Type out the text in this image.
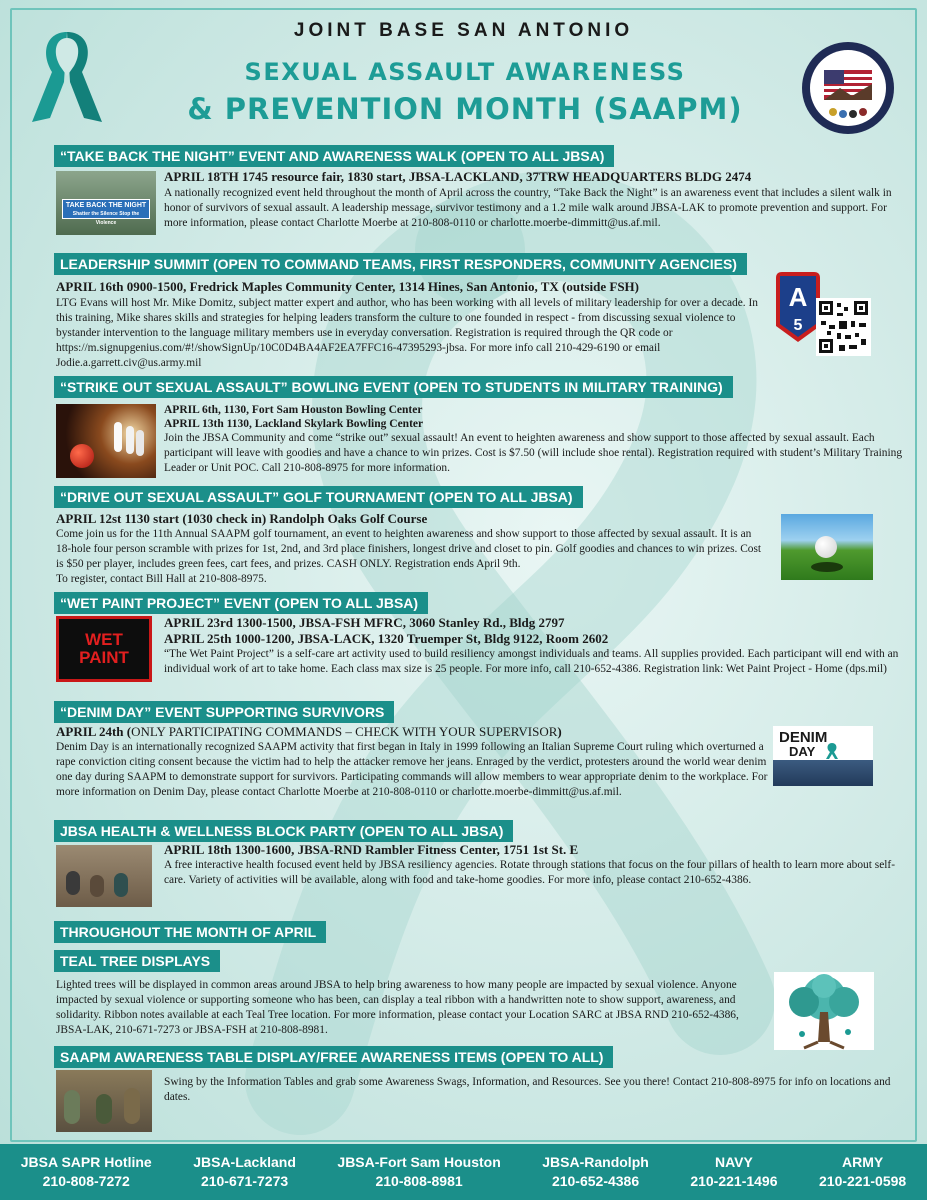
JOINT BASE SAN ANTONIO
SEXUAL ASSAULT AWARENESS
& PREVENTION MONTH (SAAPM)
“TAKE BACK THE NIGHT” EVENT AND AWARENESS WALK (OPEN TO ALL JBSA)
TAKE BACK THE NIGHT
Shatter the Silence Stop the Violence
APRIL 18TH 1745 resource fair, 1830 start, JBSA-LACKLAND, 37TRW HEADQUARTERS BLDG 2474
A nationally recognized event held throughout the month of April across the country, “Take Back the Night” is an awareness event that includes a silent walk in honor of survivors of sexual assault. A leadership message, survivor testimony and a 1.2 mile walk around JBSA-LAK to promote prevention and support. For more information, please contact Charlotte Moerbe at 210-808-0110 or charlotte.moerbe-dimmitt@us.af.mil.
LEADERSHIP SUMMIT (OPEN TO COMMAND TEAMS, FIRST RESPONDERS, COMMUNITY AGENCIES)
APRIL 16th 0900-1500, Fredrick Maples Community Center, 1314 Hines, San Antonio, TX (outside FSH)
LTG Evans will host Mr. Mike Domitz, subject matter expert and author, who has been working with all levels of military leadership for over a decade. In this training, Mike shares skills and strategies for helping leaders transform the culture to one founded in respect - from discussing sexual violence to bystander intervention to the language military members use in everyday conversation. Registration is required through the QR code or https://m.signupgenius.com/#!/showSignUp/10C0D4BA4AF2EA7FFC16-47395293-jbsa. For more info call 210-429-6190 or email Jodie.a.garrett.civ@us.army.mil
A
5
“STRIKE OUT SEXUAL ASSAULT” BOWLING EVENT (OPEN TO STUDENTS IN MILITARY TRAINING)
APRIL 6th, 1130, Fort Sam Houston Bowling Center
APRIL 13th 1130, Lackland Skylark Bowling Center
Join the JBSA Community and come “strike out” sexual assault! An event to heighten awareness and show support to those affected by sexual assault. Each participant will leave with goodies and have a chance to win prizes. Cost is $7.50 (will include shoe rental). Registration required with student’s Military Training Leader or Unit POC. Call 210-808-8975 for more information.
“DRIVE OUT SEXUAL ASSAULT” GOLF TOURNAMENT (OPEN TO ALL JBSA)
APRIL 12st 1130 start (1030 check in) Randolph Oaks Golf Course
Come join us for the 11th Annual SAAPM golf tournament, an event to heighten awareness and show support to those affected by sexual assault. It is an 18-hole four person scramble with prizes for 1st, 2nd, and 3rd place finishers, longest drive and closet to pin. Golf goodies and chances to win prizes. Cost is $50 per player, includes green fees, cart fees, and prizes. CASH ONLY. Registration ends April 9th.
To register, contact Bill Hall at 210-808-8975.
“WET PAINT PROJECT” EVENT (OPEN TO ALL JBSA)
WET
PAINT
APRIL 23rd 1300-1500, JBSA-FSH MFRC, 3060 Stanley Rd., Bldg 2797
APRIL 25th 1000-1200, JBSA-LACK, 1320 Truemper St, Bldg 9122, Room 2602
“The Wet Paint Project” is a self-care art activity used to build resiliency amongst individuals and teams. All supplies provided. Each participant will end with an individual work of art to take home. Each class max size is 25 people. For more info, call 210-652-4386. Registration link: Wet Paint Project - Home (dps.mil)
“DENIM DAY” EVENT SUPPORTING SURVIVORS
APRIL 24th (ONLY PARTICIPATING COMMANDS – CHECK WITH YOUR SUPERVISOR)
Denim Day is an internationally recognized SAAPM activity that first began in Italy in 1999 following an Italian Supreme Court ruling which overturned a rape conviction citing consent because the victim had to help the attacker remove her jeans. Enraged by the verdict, protesters around the world wear denim one day during SAAPM to demonstrate support for survivors. Participating commands will allow members to wear appropriate denim to the workplace. For more information on Denim Day, please contact Charlotte Moerbe at 210-808-0110 or charlotte.moerbe-dimmitt@us.af.mil.
DENIM
DAY
JBSA HEALTH & WELLNESS BLOCK PARTY (OPEN TO ALL JBSA)
APRIL 18th 1300-1600, JBSA-RND Rambler Fitness Center, 1751 1st St. E
A free interactive health focused event held by JBSA resiliency agencies. Rotate through stations that focus on the four pillars of health to learn more about self-care. Variety of activities will be available, along with food and take-home goodies. For more info, please contact 210-652-4386.
THROUGHOUT THE MONTH OF APRIL
TEAL TREE DISPLAYS
Lighted trees will be displayed in common areas around JBSA to help bring awareness to how many people are impacted by sexual violence. Anyone impacted by sexual violence or supporting someone who has been, can display a teal ribbon with a handwritten note to show support, awareness, and solidarity. Ribbon notes available at each Teal Tree location. For more information, please contact your Location SARC at JBSA RND 210-652-4386, JBSA-LAK, 210-671-7273 or JBSA-FSH at 210-808-8981.
SAAPM AWARENESS TABLE DISPLAY/FREE AWARENESS ITEMS (OPEN TO ALL)
Swing by the Information Tables and grab some Awareness Swags, Information, and Resources. See you there! Contact 210-808-8975 for info on locations and dates.
JBSA SAPR Hotline
210-808-7272
JBSA-Lackland
210-671-7273
JBSA-Fort Sam Houston
210-808-8981
JBSA-Randolph
210-652-4386
NAVY
210-221-1496
ARMY
210-221-0598
